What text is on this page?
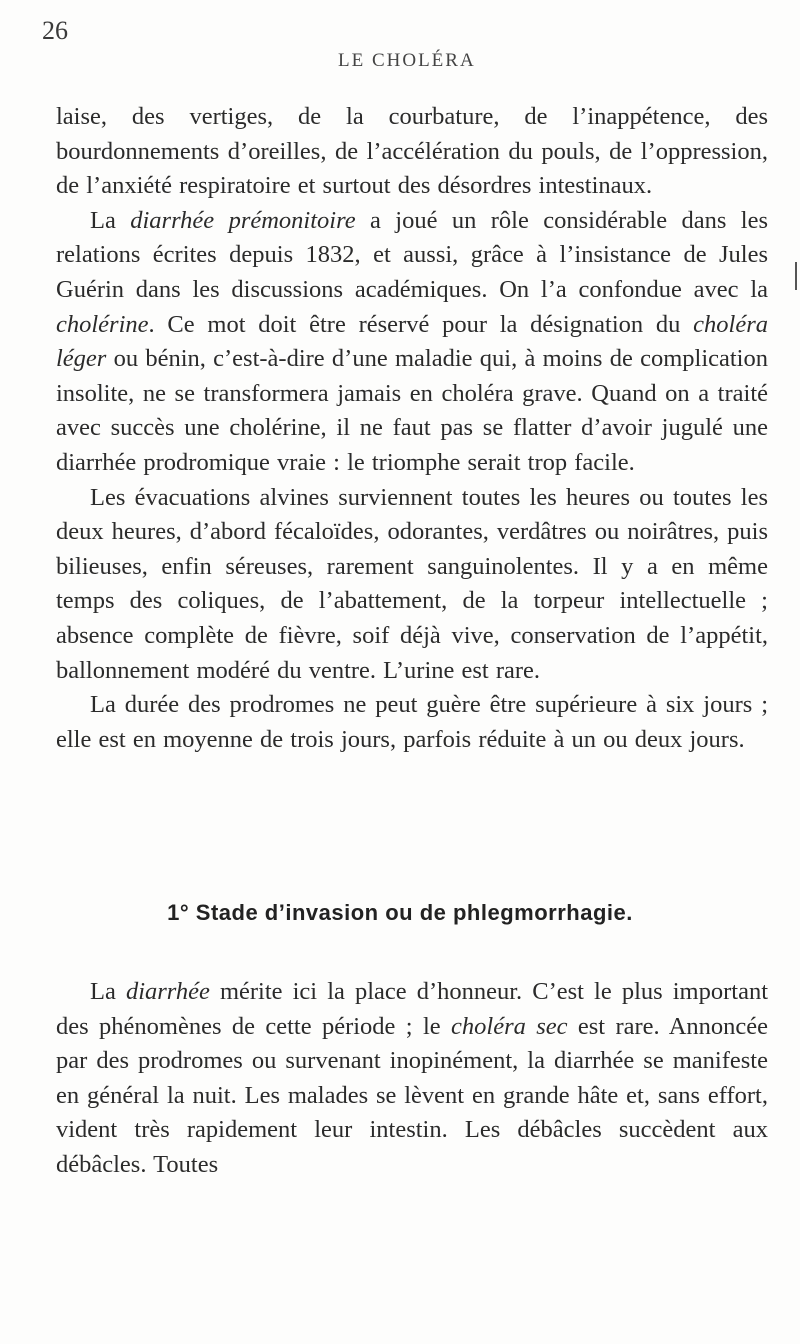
26
LE CHOLÉRA

laise, des vertiges, de la courbature, de l’inappétence, des bourdonnements d’oreilles, de l’accélération du pouls, de l’oppression, de l’anxiété respiratoire et surtout des désordres intestinaux.

La diarrhée prémonitoire a joué un rôle considérable dans les relations écrites depuis 1832, et aussi, grâce à l’insistance de Jules Guérin dans les discussions académiques. On l’a confondue avec la cholérine. Ce mot doit être réservé pour la désignation du choléra léger ou bénin, c’est-à-dire d’une maladie qui, à moins de complication insolite, ne se transformera jamais en choléra grave. Quand on a traité avec succès une cholérine, il ne faut pas se flatter d’avoir jugulé une diarrhée prodromique vraie : le triomphe serait trop facile.

Les évacuations alvines surviennent toutes les heures ou toutes les deux heures, d’abord fécaloïdes, odorantes, verdâtres ou noirâtres, puis bilieuses, enfin séreuses, rarement sanguinolentes. Il y a en même temps des coliques, de l’abattement, de la torpeur intellectuelle ; absence complète de fièvre, soif déjà vive, conservation de l’appétit, ballonnement modéré du ventre. L’urine est rare.

La durée des prodromes ne peut guère être supérieure à six jours ; elle est en moyenne de trois jours, parfois réduite à un ou deux jours.

1° Stade d’invasion ou de phlegmorrhagie.

La diarrhée mérite ici la place d’honneur. C’est le plus important des phénomènes de cette période ; le choléra sec est rare. Annoncée par des prodromes ou survenant inopinément, la diarrhée se manifeste en général la nuit. Les malades se lèvent en grande hâte et, sans effort, vident très rapidement leur intestin. Les débâcles succèdent aux débâcles. Toutes
